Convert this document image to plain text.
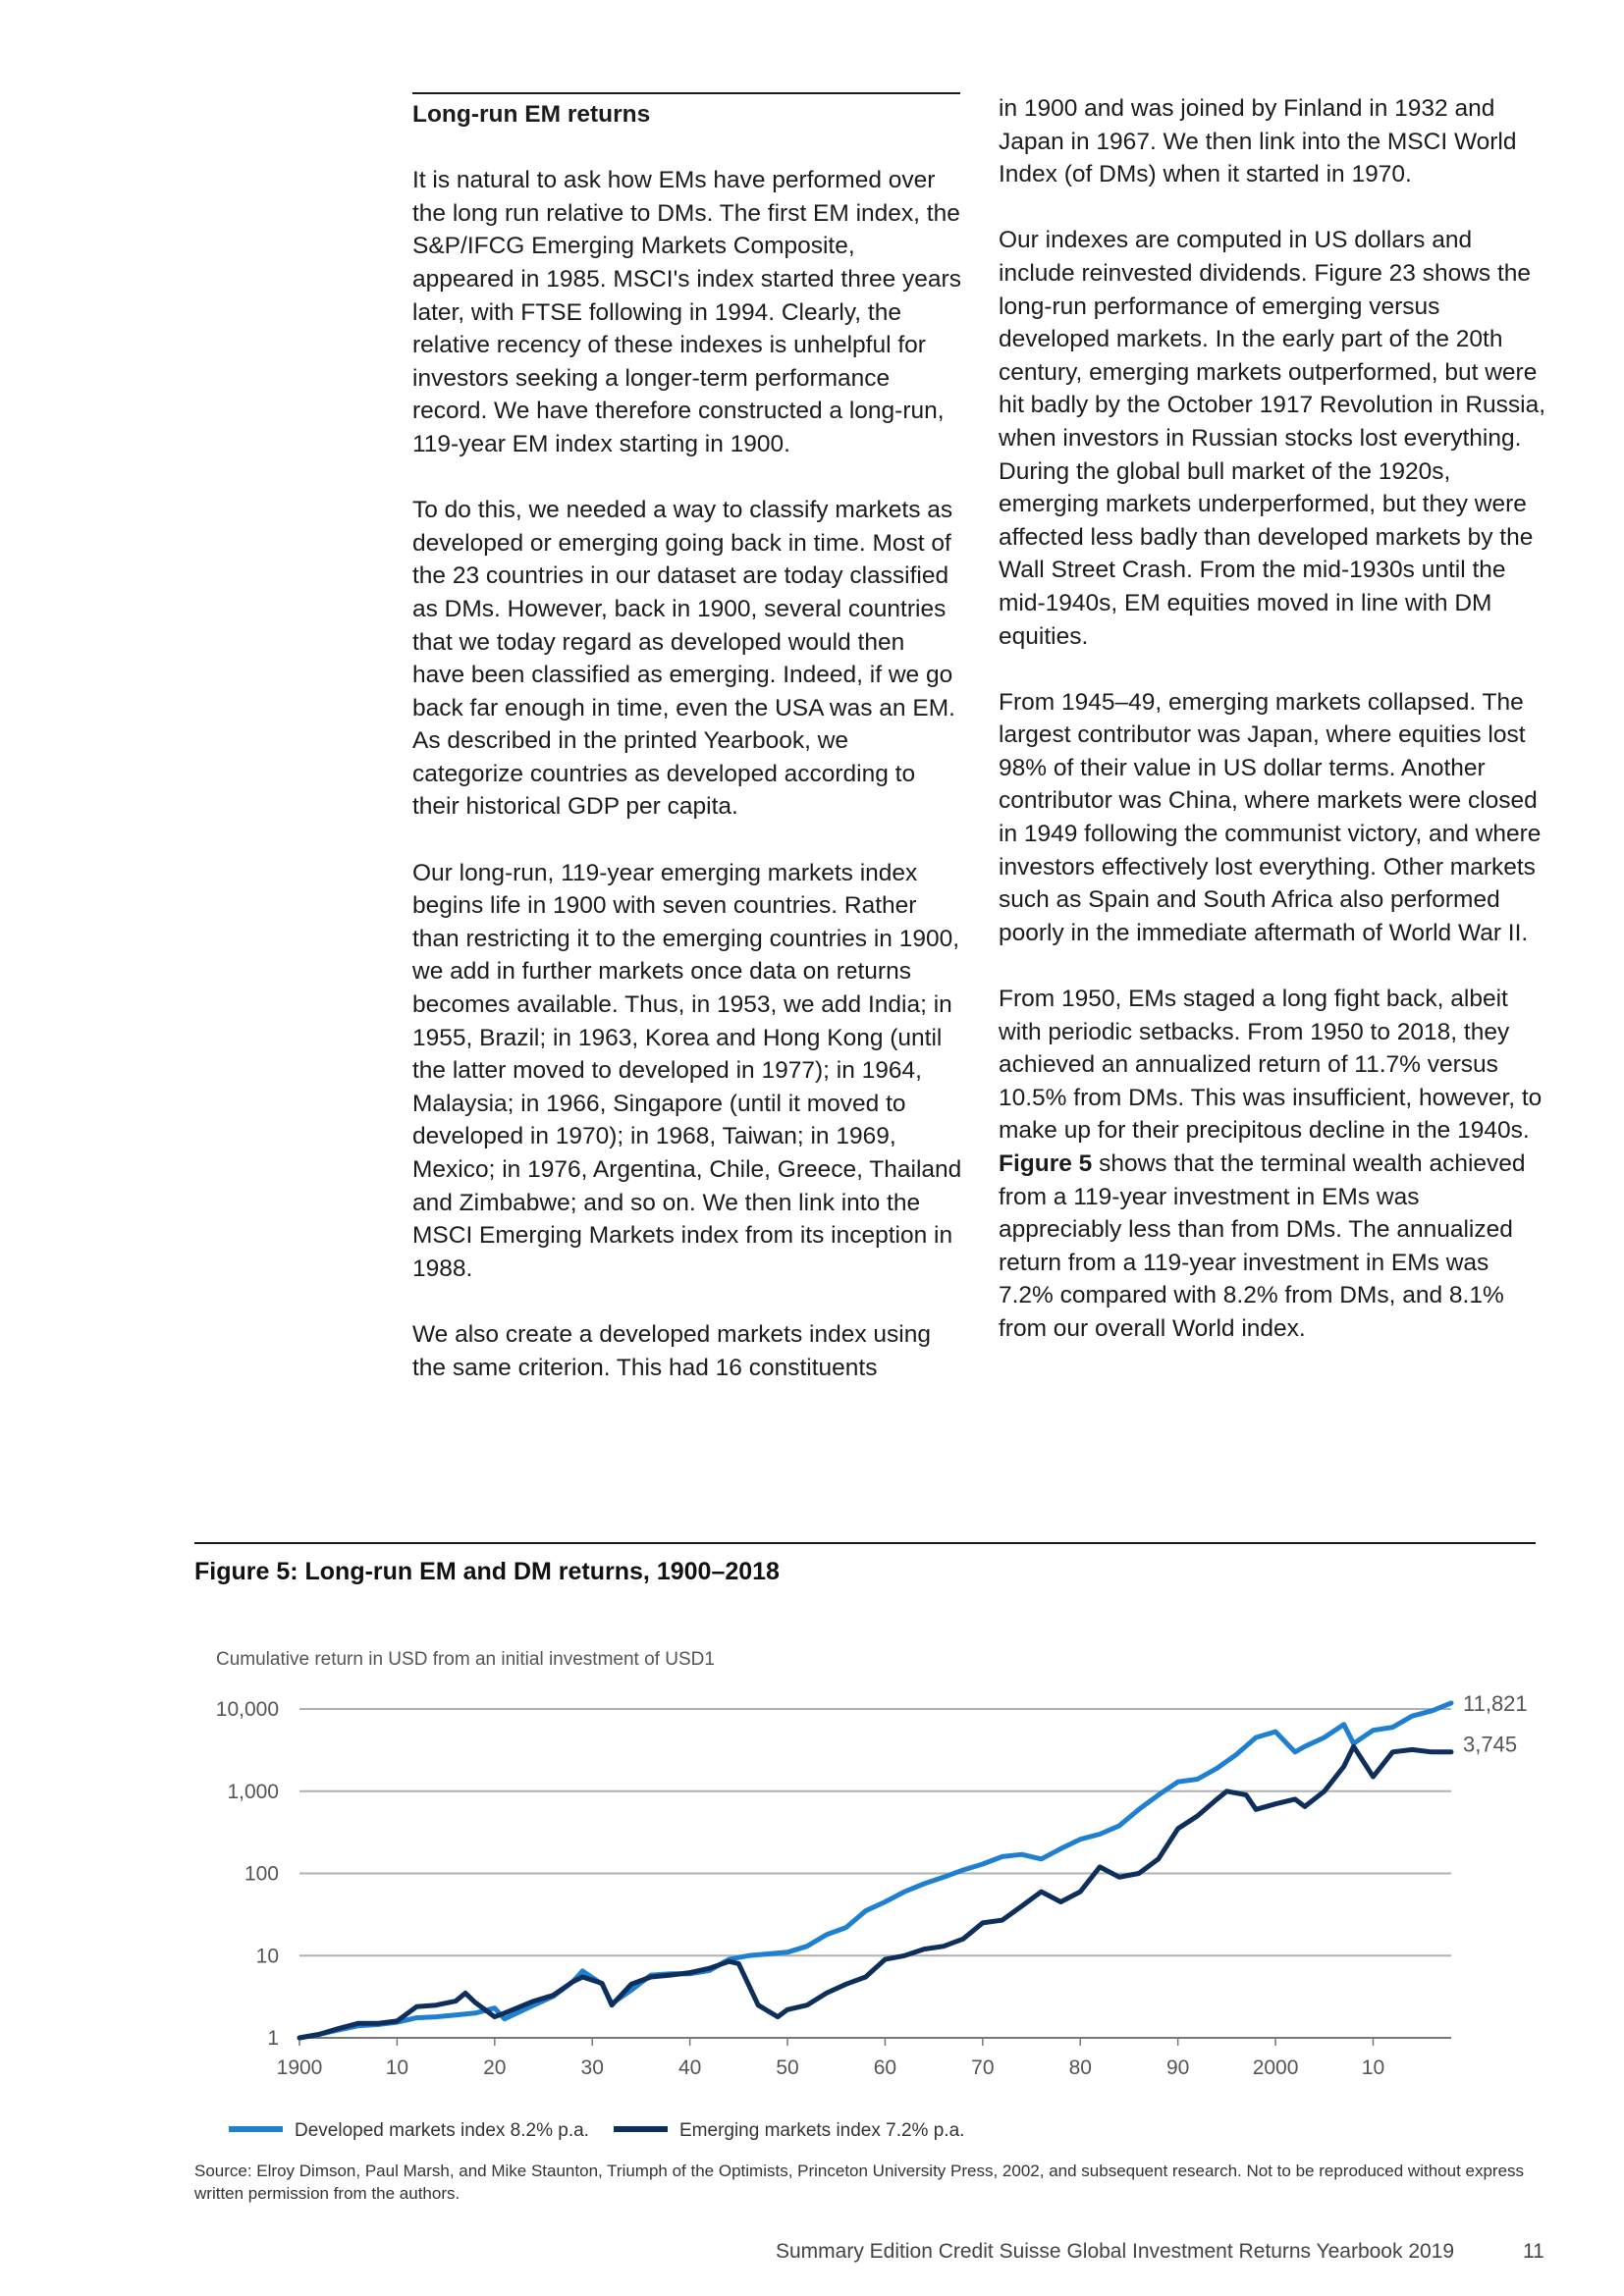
Long-run EM returns

It is natural to ask how EMs have performed over the long run relative to DMs. The first EM index, the S&P/IFCG Emerging Markets Composite, appeared in 1985. MSCI's index started three years later, with FTSE following in 1994. Clearly, the relative recency of these indexes is unhelpful for investors seeking a longer-term performance record. We have therefore constructed a long-run, 119-year EM index starting in 1900.

To do this, we needed a way to classify markets as developed or emerging going back in time. Most of the 23 countries in our dataset are today classified as DMs. However, back in 1900, several countries that we today regard as developed would then have been classified as emerging. Indeed, if we go back far enough in time, even the USA was an EM. As described in the printed Yearbook, we categorize countries as developed according to their historical GDP per capita.

Our long-run, 119-year emerging markets index begins life in 1900 with seven countries. Rather than restricting it to the emerging countries in 1900, we add in further markets once data on returns becomes available. Thus, in 1953, we add India; in 1955, Brazil; in 1963, Korea and Hong Kong (until the latter moved to developed in 1977); in 1964, Malaysia; in 1966, Singapore (until it moved to developed in 1970); in 1968, Taiwan; in 1969, Mexico; in 1976, Argentina, Chile, Greece, Thailand and Zimbabwe; and so on. We then link into the MSCI Emerging Markets index from its inception in 1988.

We also create a developed markets index using the same criterion. This had 16 constituents

in 1900 and was joined by Finland in 1932 and Japan in 1967. We then link into the MSCI World Index (of DMs) when it started in 1970.

Our indexes are computed in US dollars and include reinvested dividends. Figure 23 shows the long-run performance of emerging versus developed markets. In the early part of the 20th century, emerging markets outperformed, but were hit badly by the October 1917 Revolution in Russia, when investors in Russian stocks lost everything. During the global bull market of the 1920s, emerging markets underperformed, but they were affected less badly than developed markets by the Wall Street Crash. From the mid-1930s until the mid-1940s, EM equities moved in line with DM equities.

From 1945–49, emerging markets collapsed. The largest contributor was Japan, where equities lost 98% of their value in US dollar terms. Another contributor was China, where markets were closed in 1949 following the communist victory, and where investors effectively lost everything. Other markets such as Spain and South Africa also performed poorly in the immediate aftermath of World War II.

From 1950, EMs staged a long fight back, albeit with periodic setbacks. From 1950 to 2018, they achieved an annualized return of 11.7% versus 10.5% from DMs. This was insufficient, however, to make up for their precipitous decline in the 1940s. Figure 5 shows that the terminal wealth achieved from a 119-year investment in EMs was appreciably less than from DMs. The annualized return from a 119-year investment in EMs was 7.2% compared with 8.2% from DMs, and 8.1% from our overall World index.

Figure 5: Long-run EM and DM returns, 1900–2018
Cumulative return in USD from an initial investment of USD1
1
10
100
1,000
10,000
1900	10	20	30	40	50	60	70	80	90	2000	10
11,821
3,745
Developed markets index 8.2% p.a.	Emerging markets index 7.2% p.a.
Source: Elroy Dimson, Paul Marsh, and Mike Staunton, Triumph of the Optimists, Princeton University Press, 2002, and subsequent research. Not to be reproduced without express written permission from the authors.
Summary Edition Credit Suisse Global Investment Returns Yearbook 2019	11
